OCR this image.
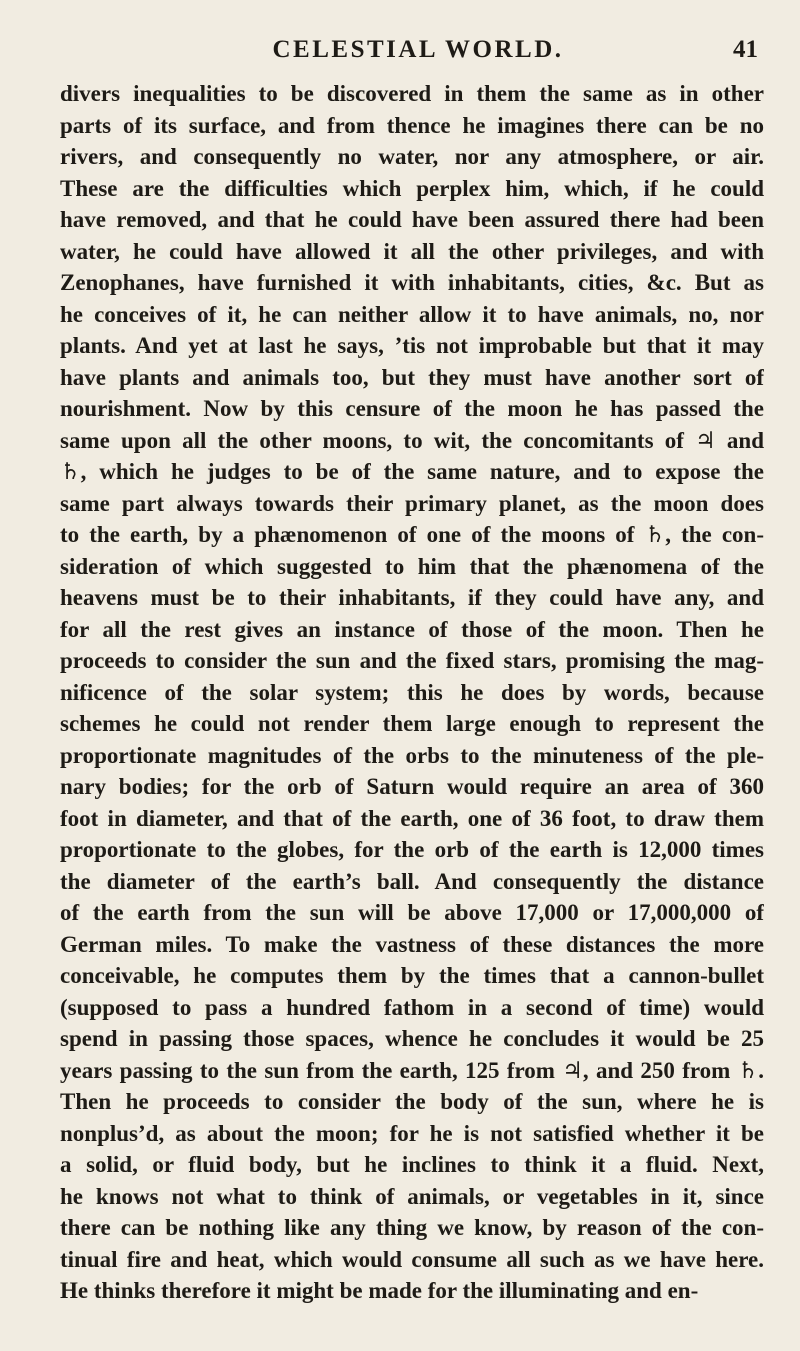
CELESTIAL WORLD.	41
divers inequalities to be discovered in them the same as in other
parts of its surface, and from thence he imagines there can be no
rivers, and consequently no water, nor any atmosphere, or air.
These are the difficulties which perplex him, which, if he could
have removed, and that he could have been assured there had been
water, he could have allowed it all the other privileges, and with
Zenophanes, have furnished it with inhabitants, cities, &c. But as
he conceives of it, he can neither allow it to have animals, no, nor
plants. And yet at last he says, ’tis not improbable but that it may
have plants and animals too, but they must have another sort of
nourishment. Now by this censure of the moon he has passed the
same upon all the other moons, to wit, the concomitants of ♃ and
♄, which he judges to be of the same nature, and to expose the
same part always towards their primary planet, as the moon does
to the earth, by a phænomenon of one of the moons of ♄, the con-
sideration of which suggested to him that the phænomena of the
heavens must be to their inhabitants, if they could have any, and
for all the rest gives an instance of those of the moon. Then he
proceeds to consider the sun and the fixed stars, promising the mag-
nificence of the solar system; this he does by words, because
schemes he could not render them large enough to represent the
proportionate magnitudes of the orbs to the minuteness of the ple-
nary bodies; for the orb of Saturn would require an area of 360
foot in diameter, and that of the earth, one of 36 foot, to draw them
proportionate to the globes, for the orb of the earth is 12,000 times
the diameter of the earth’s ball. And consequently the distance
of the earth from the sun will be above 17,000 or 17,000,000 of
German miles. To make the vastness of these distances the more
conceivable, he computes them by the times that a cannon-bullet
(supposed to pass a hundred fathom in a second of time) would
spend in passing those spaces, whence he concludes it would be 25
years passing to the sun from the earth, 125 from ♃, and 250 from ♄.
Then he proceeds to consider the body of the sun, where he is
nonplus’d, as about the moon; for he is not satisfied whether it be
a solid, or fluid body, but he inclines to think it a fluid. Next,
he knows not what to think of animals, or vegetables in it, since
there can be nothing like any thing we know, by reason of the con-
tinual fire and heat, which would consume all such as we have here.
He thinks therefore it might be made for the illuminating and en-
